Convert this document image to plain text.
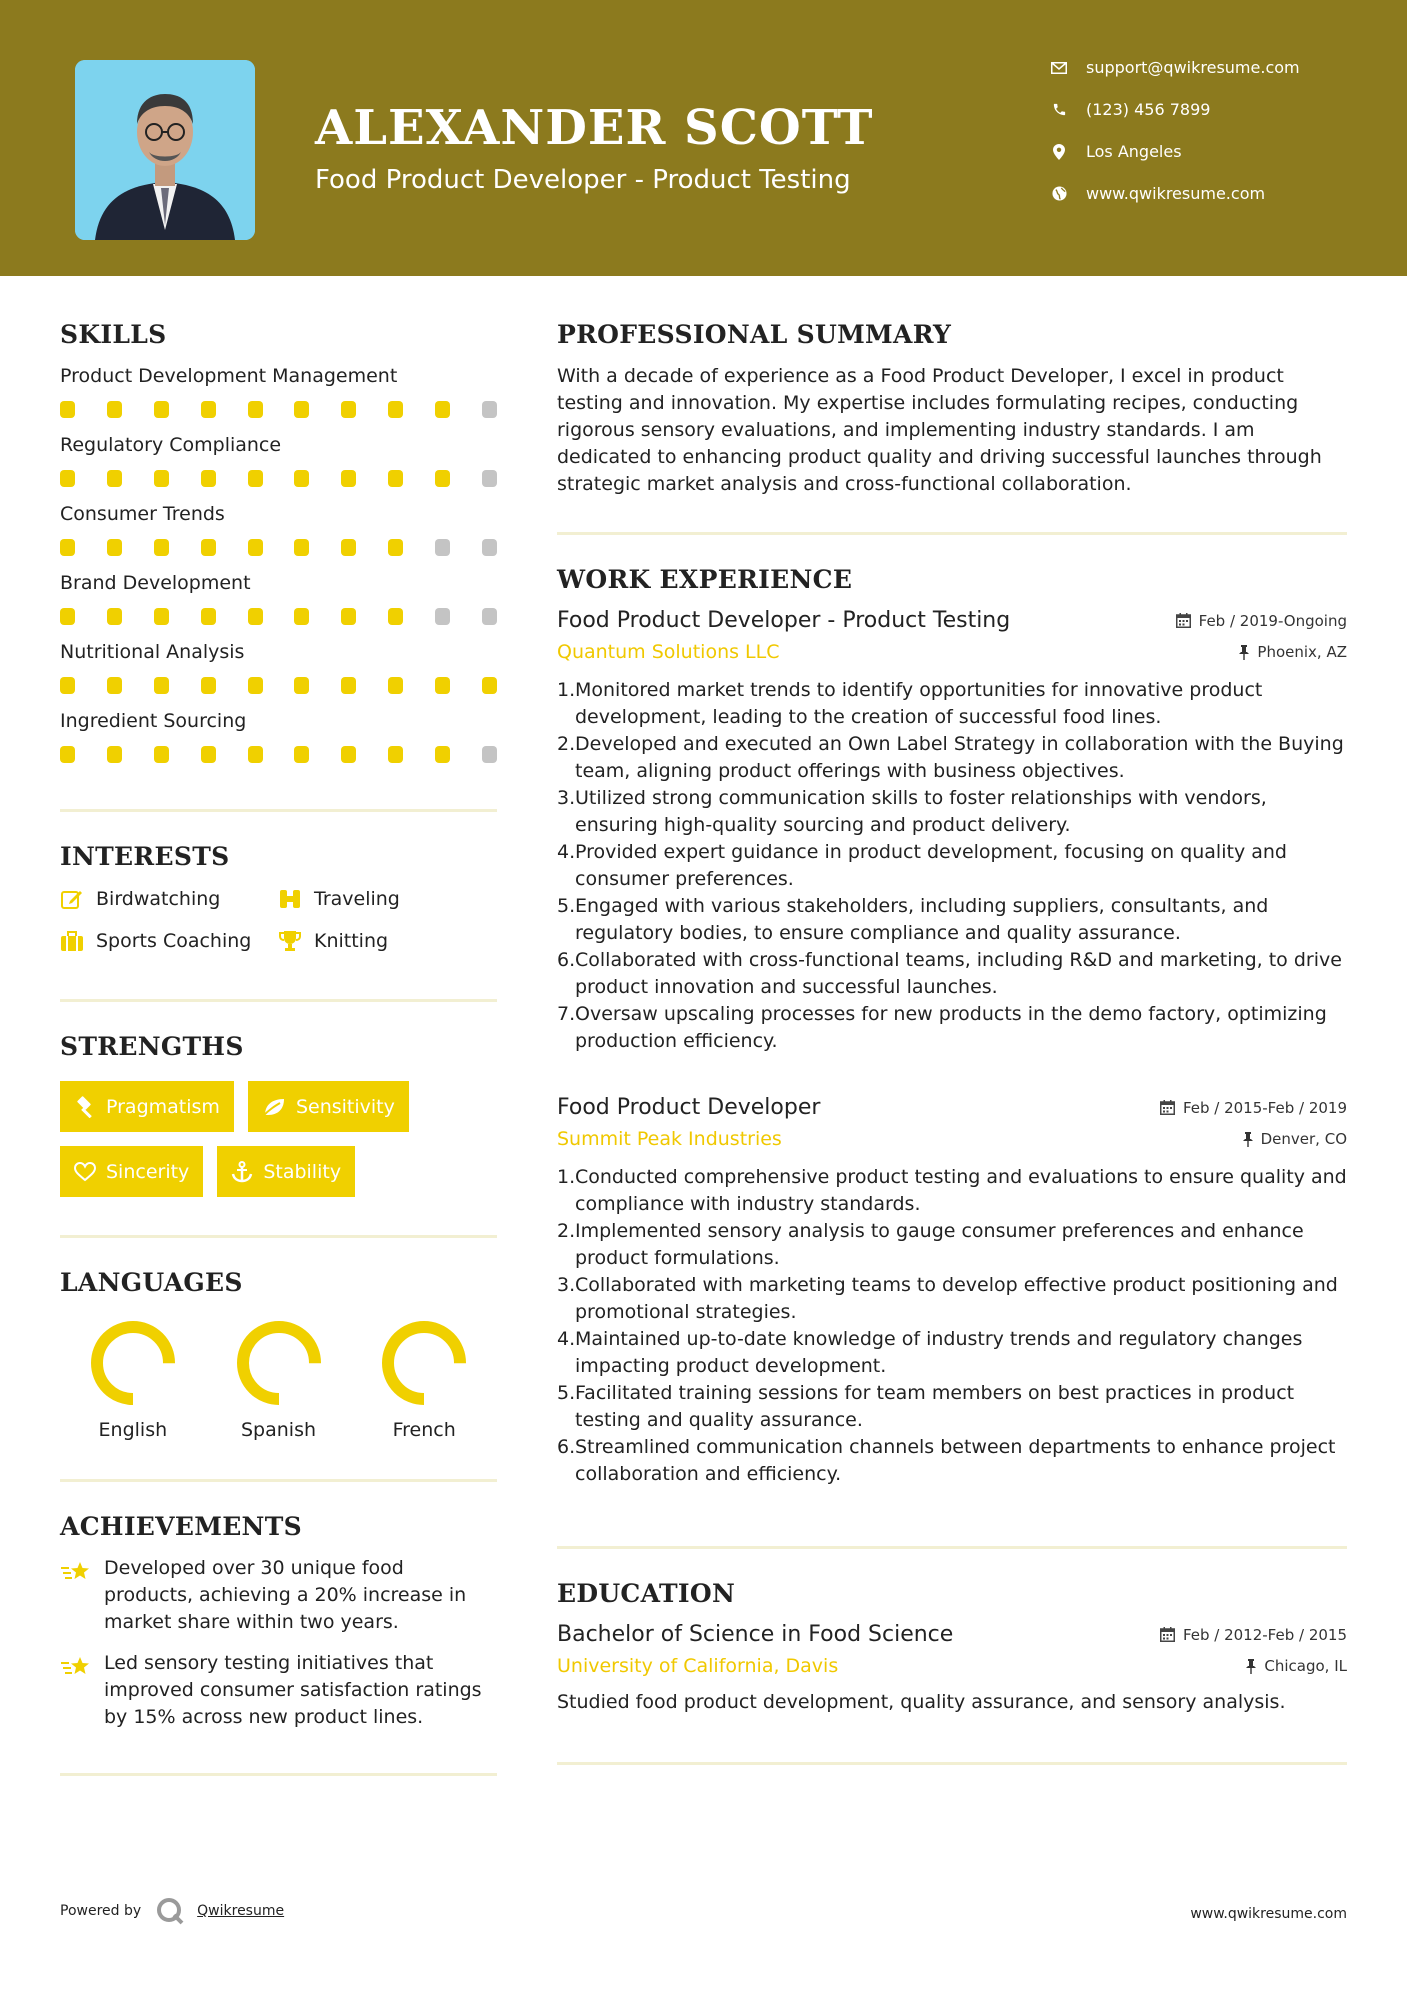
ALEXANDER SCOTT
Food Product Developer - Product Testing
support@qwikresume.com
(123) 456 7899
Los Angeles
www.qwikresume.com
SKILLS
Product Development Management
Regulatory Compliance
Consumer Trends
Brand Development
Nutritional Analysis
Ingredient Sourcing
INTERESTS
Birdwatching	Traveling
Sports Coaching	Knitting
STRENGTHS
Pragmatism	Sensitivity
Sincerity	Stability
LANGUAGES
English	Spanish	French
ACHIEVEMENTS
Developed over 30 unique food products, achieving a 20% increase in market share within two years.
Led sensory testing initiatives that improved consumer satisfaction ratings by 15% across new product lines.
PROFESSIONAL SUMMARY
With a decade of experience as a Food Product Developer, I excel in product testing and innovation. My expertise includes formulating recipes, conducting rigorous sensory evaluations, and implementing industry standards. I am dedicated to enhancing product quality and driving successful launches through strategic market analysis and cross-functional collaboration.
WORK EXPERIENCE
Food Product Developer - Product Testing	Feb / 2019-Ongoing
Quantum Solutions LLC	Phoenix, AZ
Monitored market trends to identify opportunities for innovative product development, leading to the creation of successful food lines.
Developed and executed an Own Label Strategy in collaboration with the Buying team, aligning product offerings with business objectives.
Utilized strong communication skills to foster relationships with vendors, ensuring high-quality sourcing and product delivery.
Provided expert guidance in product development, focusing on quality and consumer preferences.
Engaged with various stakeholders, including suppliers, consultants, and regulatory bodies, to ensure compliance and quality assurance.
Collaborated with cross-functional teams, including R&D and marketing, to drive product innovation and successful launches.
Oversaw upscaling processes for new products in the demo factory, optimizing production efficiency.
Food Product Developer	Feb / 2015-Feb / 2019
Summit Peak Industries	Denver, CO
Conducted comprehensive product testing and evaluations to ensure quality and compliance with industry standards.
Implemented sensory analysis to gauge consumer preferences and enhance product formulations.
Collaborated with marketing teams to develop effective product positioning and promotional strategies.
Maintained up-to-date knowledge of industry trends and regulatory changes impacting product development.
Facilitated training sessions for team members on best practices in product testing and quality assurance.
Streamlined communication channels between departments to enhance project collaboration and efficiency.
EDUCATION
Bachelor of Science in Food Science	Feb / 2012-Feb / 2015
University of California, Davis	Chicago, IL
Studied food product development, quality assurance, and sensory analysis.
Powered by	Qwikresume	www.qwikresume.com
